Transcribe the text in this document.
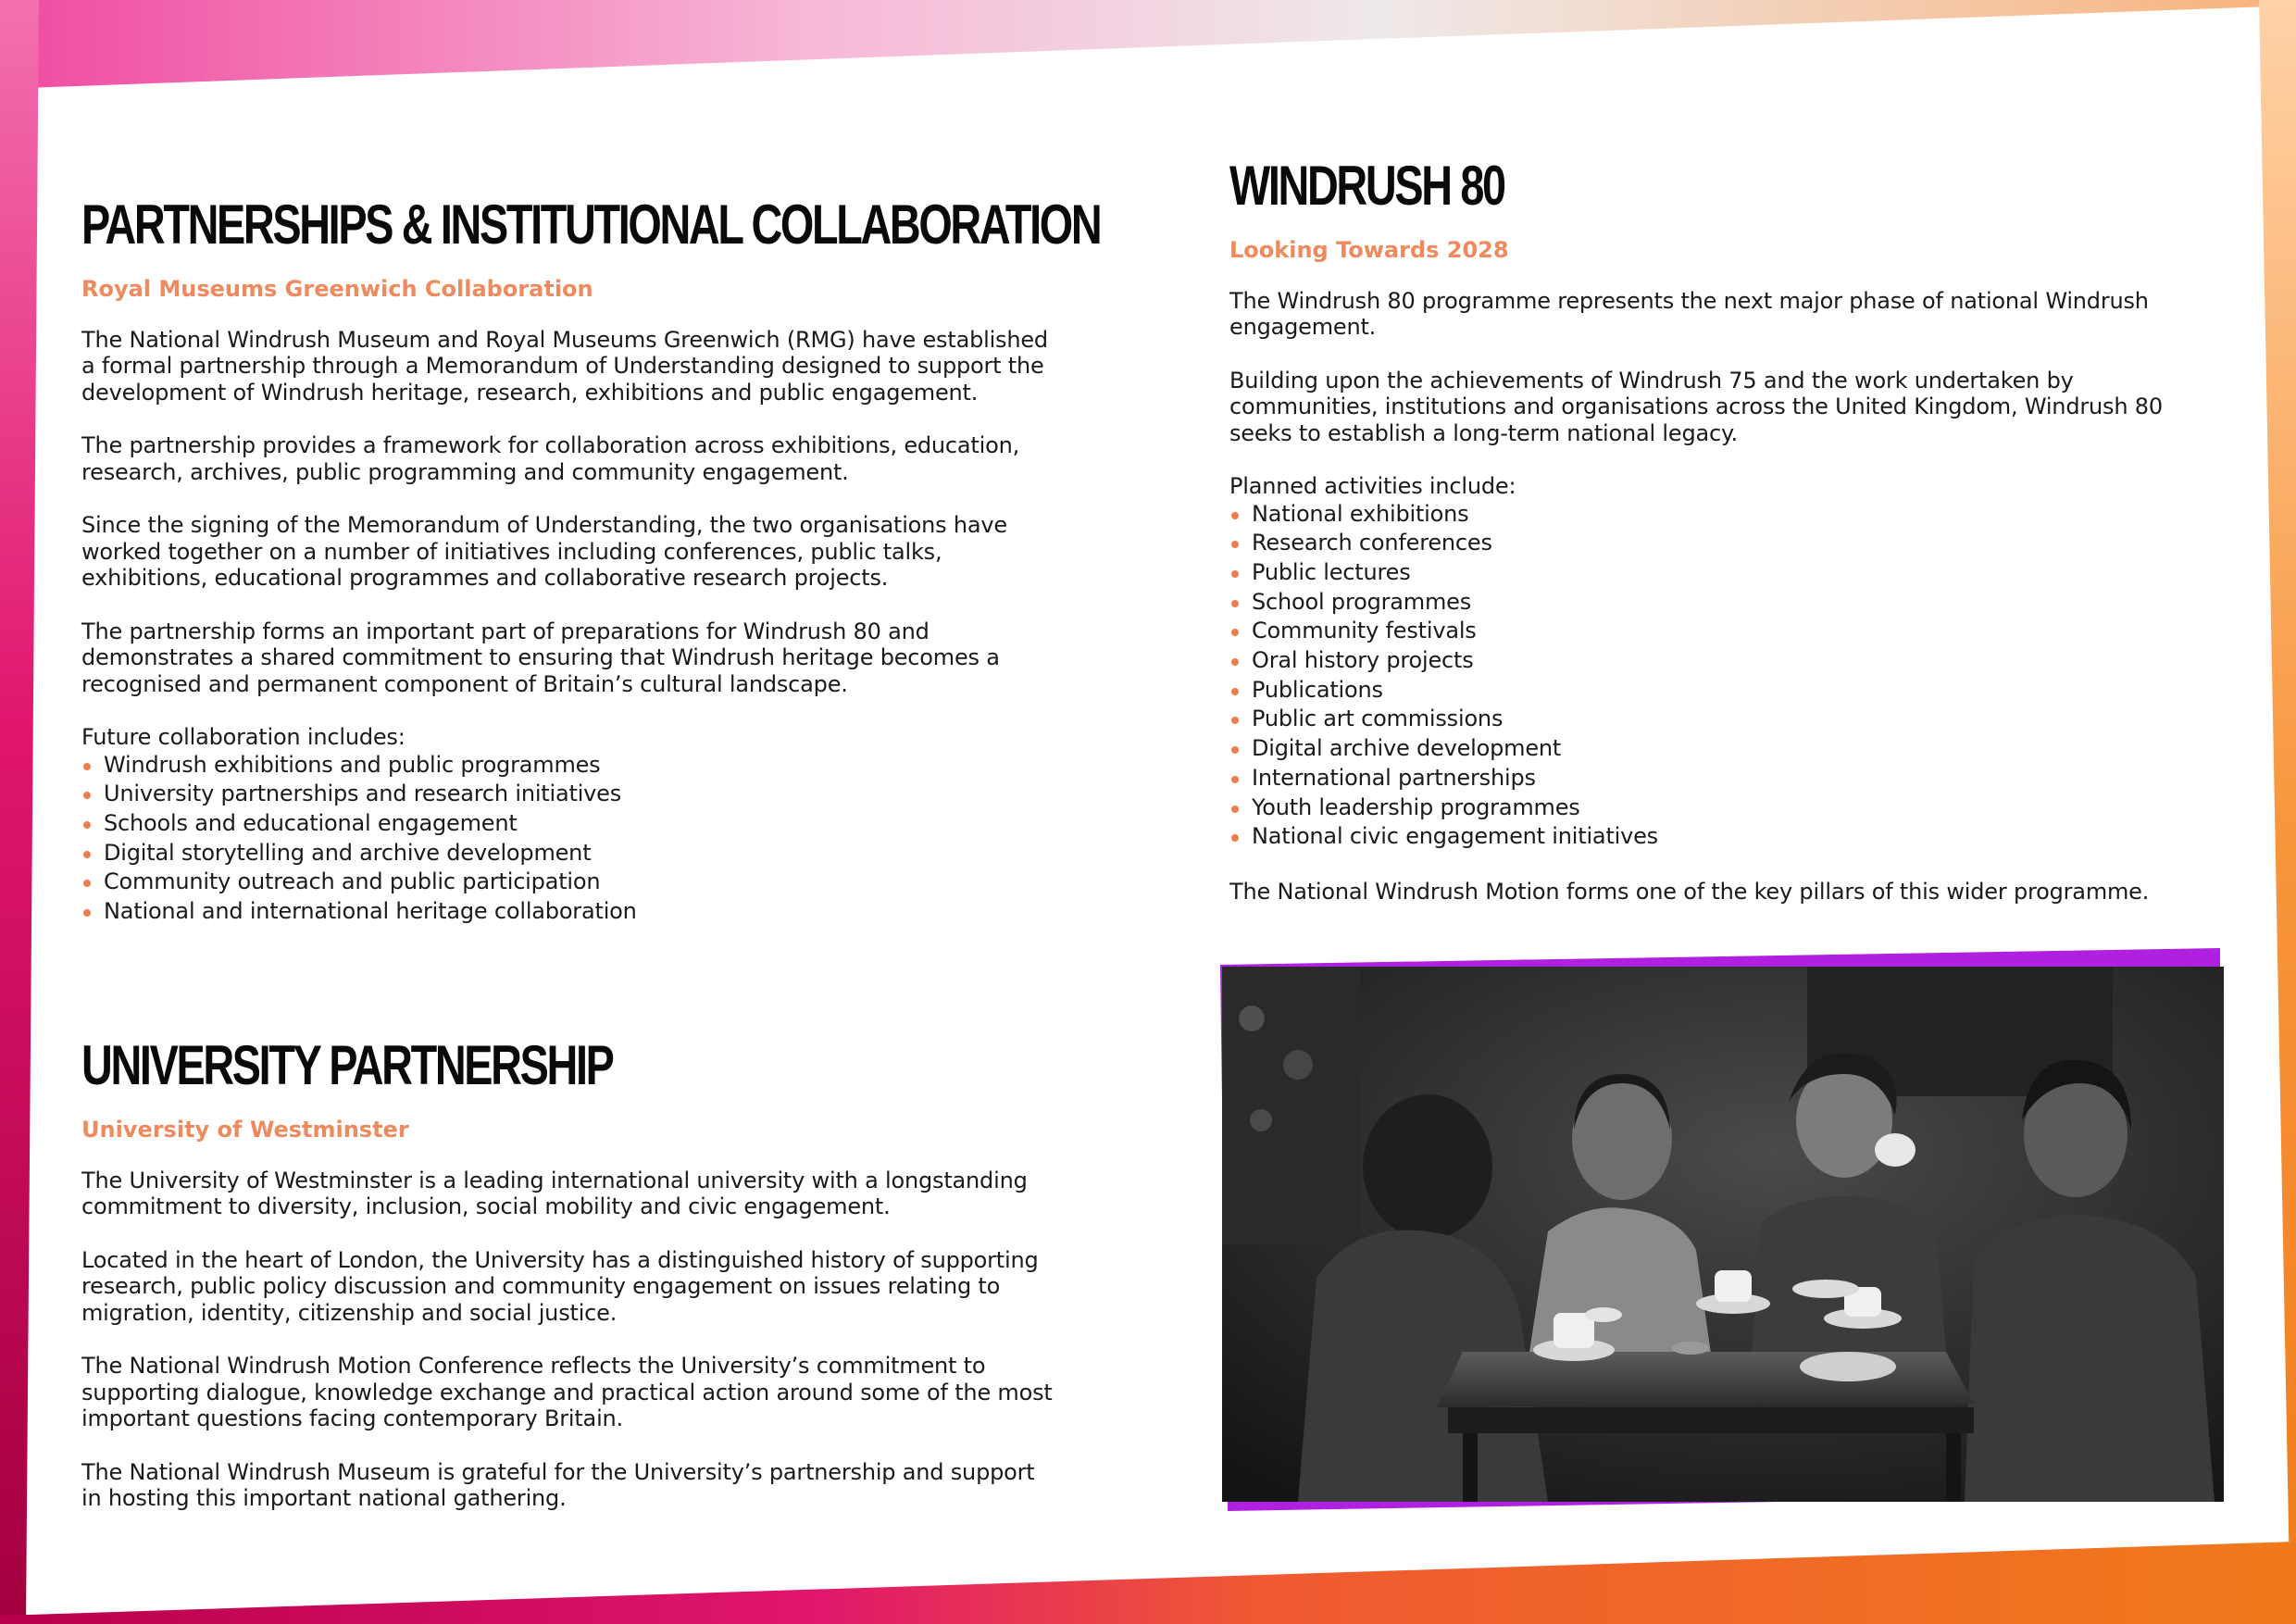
PARTNERSHIPS & INSTITUTIONAL COLLABORATION
Royal Museums Greenwich Collaboration

The National Windrush Museum and Royal Museums Greenwich (RMG) have established a formal partnership through a Memorandum of Understanding designed to support the development of Windrush heritage, research, exhibitions and public engagement.

The partnership provides a framework for collaboration across exhibitions, education, research, archives, public programming and community engagement.

Since the signing of the Memorandum of Understanding, the two organisations have worked together on a number of initiatives including conferences, public talks, exhibitions, educational programmes and collaborative research projects.

The partnership forms an important part of preparations for Windrush 80 and demonstrates a shared commitment to ensuring that Windrush heritage becomes a recognised and permanent component of Britain’s cultural landscape.

Future collaboration includes:
Windrush exhibitions and public programmes
University partnerships and research initiatives
Schools and educational engagement
Digital storytelling and archive development
Community outreach and public participation
National and international heritage collaboration
UNIVERSITY PARTNERSHIP
University of Westminster

The University of Westminster is a leading international university with a longstanding commitment to diversity, inclusion, social mobility and civic engagement.

Located in the heart of London, the University has a distinguished history of supporting research, public policy discussion and community engagement on issues relating to migration, identity, citizenship and social justice.

The National Windrush Motion Conference reflects the University’s commitment to supporting dialogue, knowledge exchange and practical action around some of the most important questions facing contemporary Britain.

The National Windrush Museum is grateful for the University’s partnership and support in hosting this important national gathering.

WINDRUSH 80
Looking Towards 2028

The Windrush 80 programme represents the next major phase of national Windrush engagement.

Building upon the achievements of Windrush 75 and the work undertaken by communities, institutions and organisations across the United Kingdom, Windrush 80 seeks to establish a long-term national legacy.

Planned activities include:
National exhibitions
Research conferences
Public lectures
School programmes
Community festivals
Oral history projects
Publications
Public art commissions
Digital archive development
International partnerships
Youth leadership programmes
National civic engagement initiatives

The National Windrush Motion forms one of the key pillars of this wider programme.
